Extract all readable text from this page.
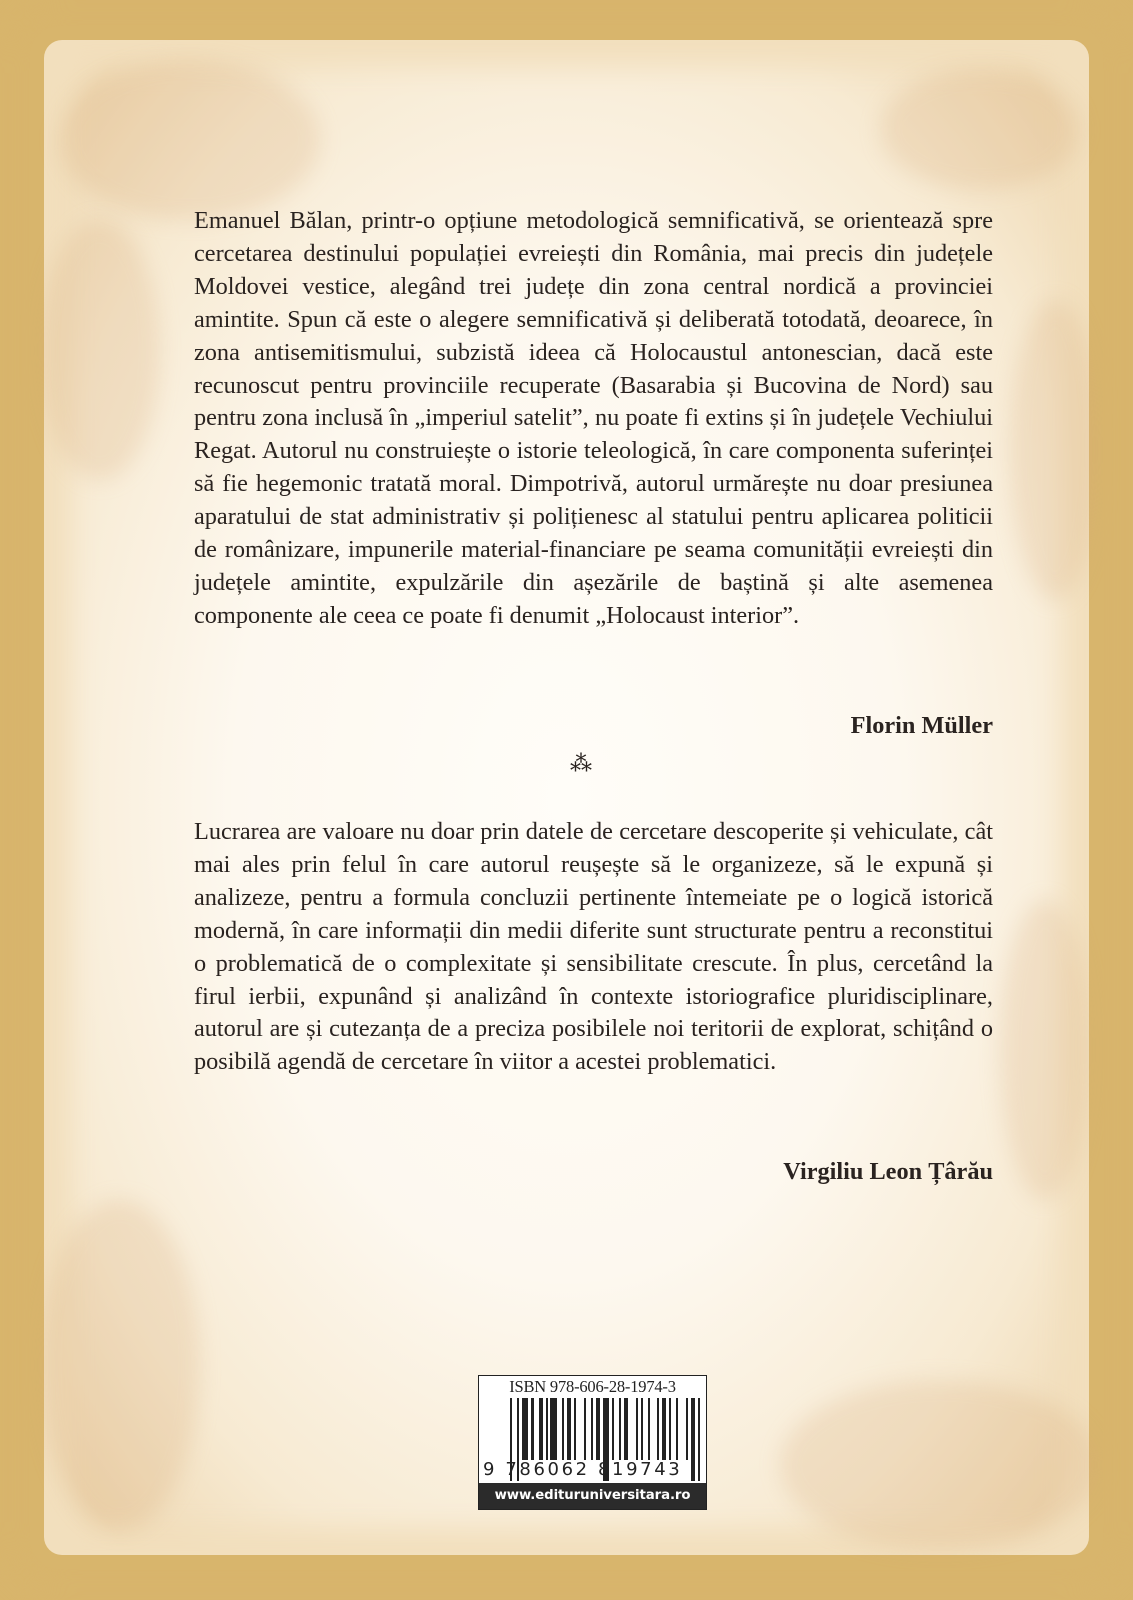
Emanuel Bălan, printr-o opțiune metodologică semnificativă, se orientează spre cercetarea destinului populației evreiești din România, mai precis din județele Moldovei vestice, alegând trei județe din zona central nordică a provinciei amintite. Spun că este o alegere semnificativă și deliberată totodată, deoarece, în zona antisemitismului, subzistă ideea că Holocaustul antonescian, dacă este recunoscut pentru provinciile recuperate (Basarabia și Bucovina de Nord) sau pentru zona inclusă în „imperiul satelit”, nu poate fi extins și în județele Vechiului Regat. Autorul nu construiește o istorie teleologică, în care componenta suferinței să fie hegemonic tratată moral. Dimpotrivă, autorul urmărește nu doar presiunea aparatului de stat administrativ și polițienesc al statului pentru aplicarea politicii de românizare, impunerile material-financiare pe seama comunității evreiești din județele amintite, expulzările din așezările de baștină și alte asemenea componente ale ceea ce poate fi denumit „Holocaust interior”.

Florin Müller
⁂

Lucrarea are valoare nu doar prin datele de cercetare descoperite și vehiculate, cât mai ales prin felul în care autorul reușește să le organizeze, să le expună și analizeze, pentru a formula concluzii pertinente întemeiate pe o logică istorică modernă, în care informații din medii diferite sunt structurate pentru a reconstitui o problematică de o complexitate și sensibilitate crescute. În plus, cercetând la firul ierbii, expunând și analizând în contexte istoriografice pluridisciplinare, autorul are și cutezanța de a preciza posibilele noi teritorii de explorat, schițând o posibilă agendă de cercetare în viitor a acestei problematici.

Virgiliu Leon Țârău
ISBN 978-606-28-1974-3
9 786062 819743
www.edituruniversitara.ro
